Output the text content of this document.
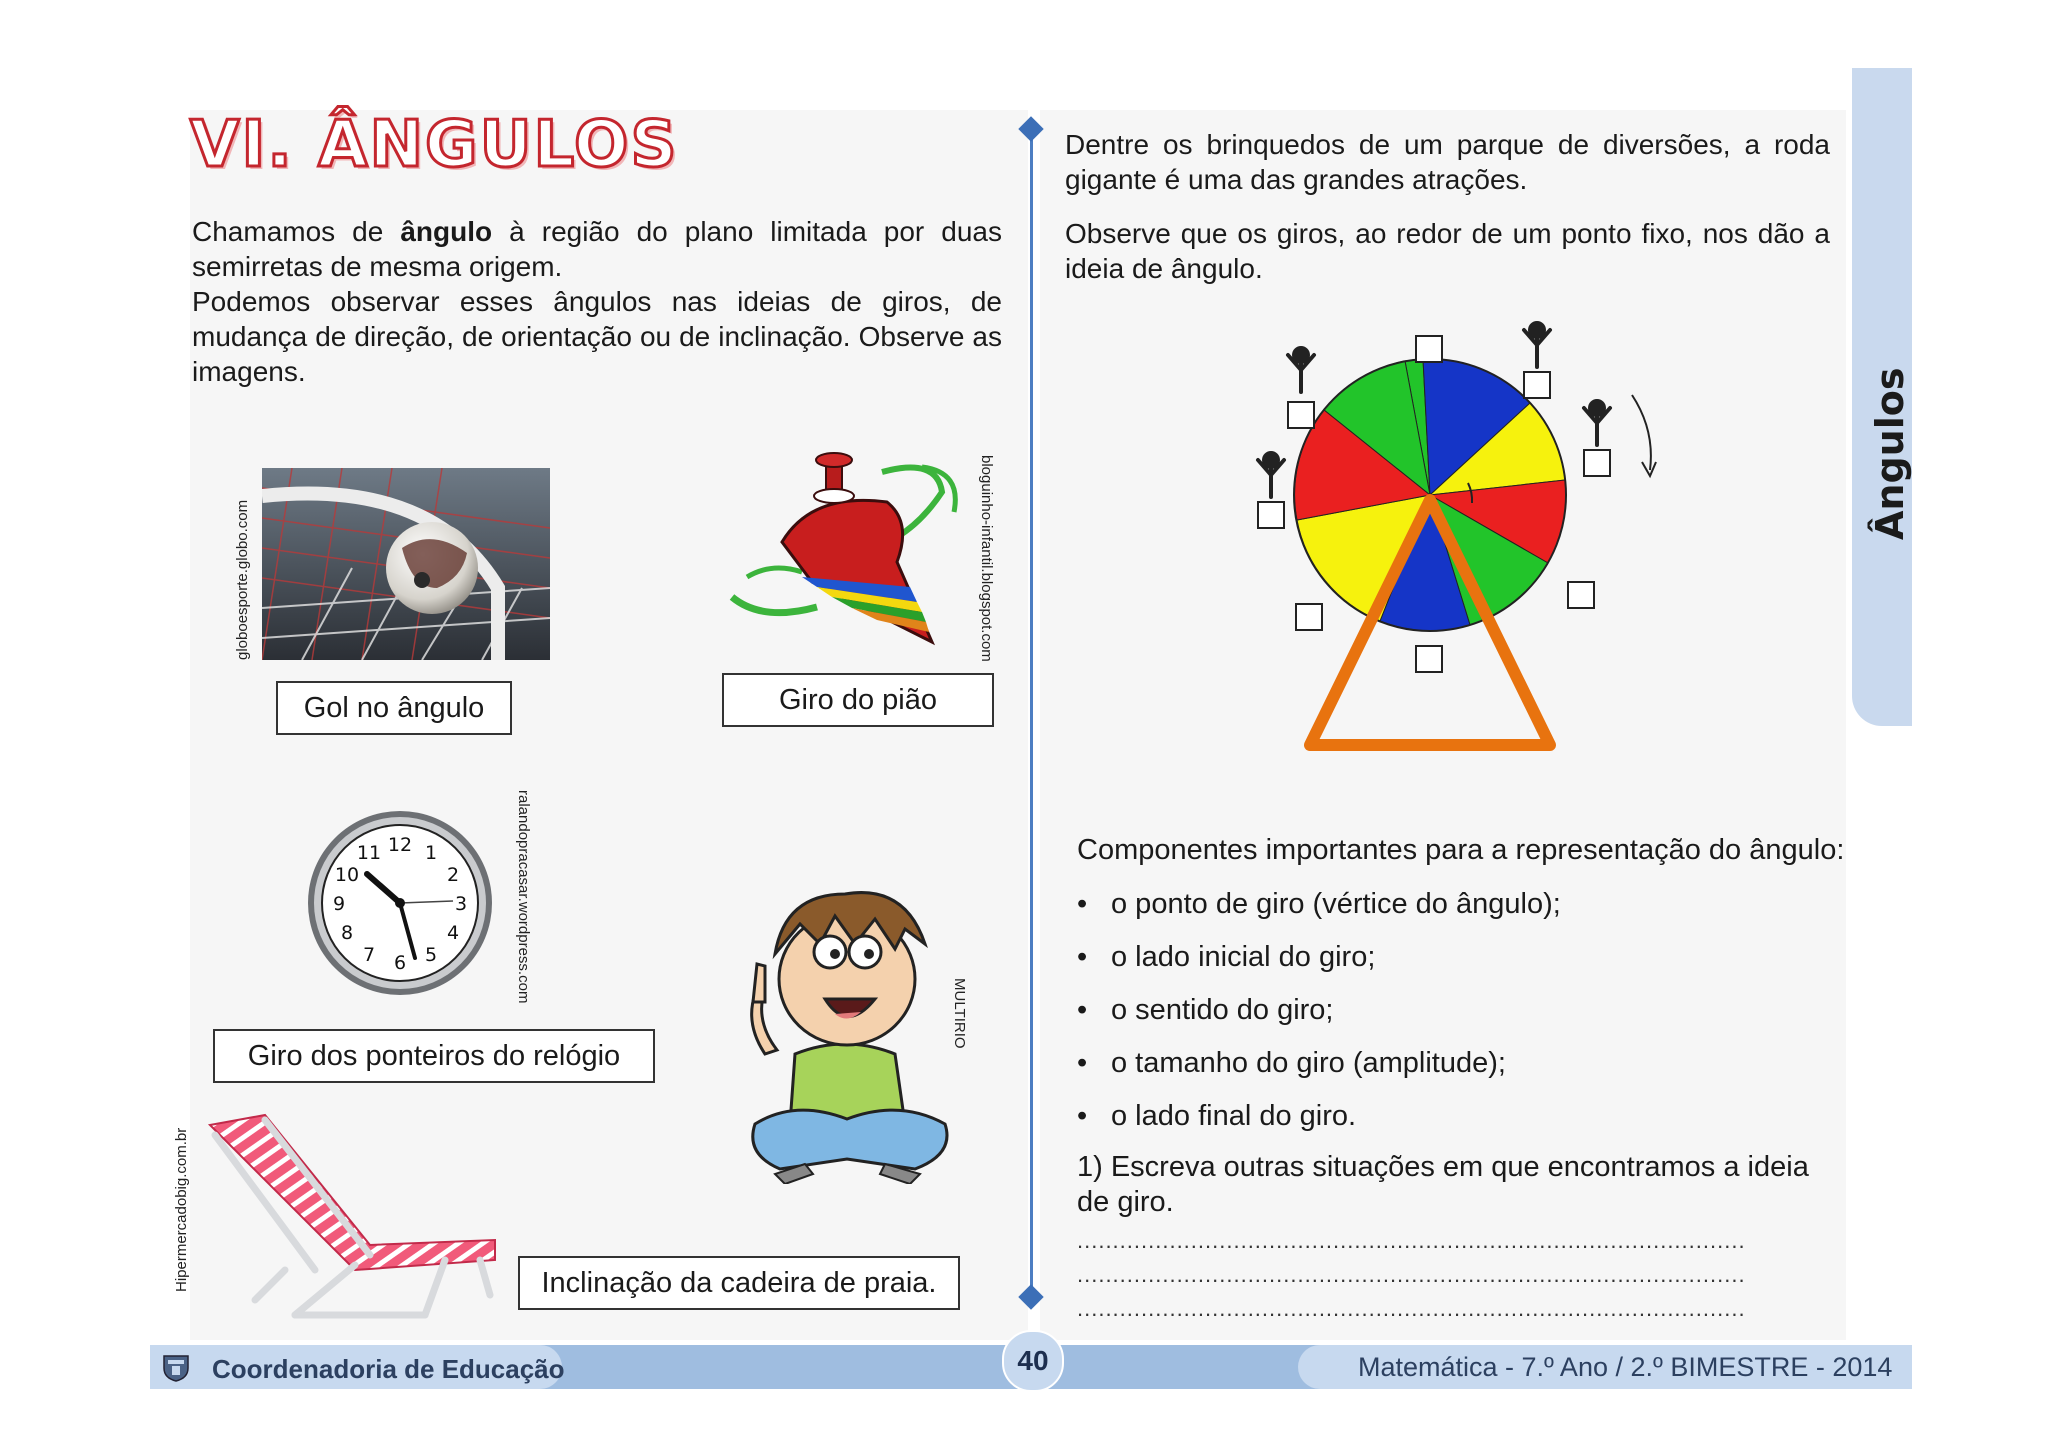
Ângulos
VI. ÂNGULOS
Chamamos de ângulo à região do plano limitada por duas semirretas de mesma origem.
Podemos observar esses ângulos nas ideias de giros, de mudança de direção, de orientação ou de inclinação. Observe as imagens.
globoesporte.globo.com
Gol no ângulo
bloguinho-infantil.blogspot.com
Giro do pião
12 1
2
3
4
5
6
7
8
9
10
11	ralandopracasar.wordpress.com
Giro dos ponteiros do relógio
MULTIRIO
Hipermercadobig.com.br	Inclinação da cadeira de praia.
Dentre os brinquedos de um parque de diversões, a roda gigante é uma das grandes atrações.
Observe que os giros, ao redor de um ponto fixo, nos dão a ideia de ângulo.
Componentes importantes para a representação do ângulo:
• o ponto de giro (vértice do ângulo);
• o lado inicial do giro;
• o sentido do giro;
• o tamanho do giro (amplitude);
• o lado final do giro.
1) Escreva outras situações em que encontramos a ideia de giro.
..............................................................................................
..............................................................................................
..............................................................................................
Coordenadoria de Educação	40	Matemática - 7.º Ano / 2.º BIMESTRE - 2014
